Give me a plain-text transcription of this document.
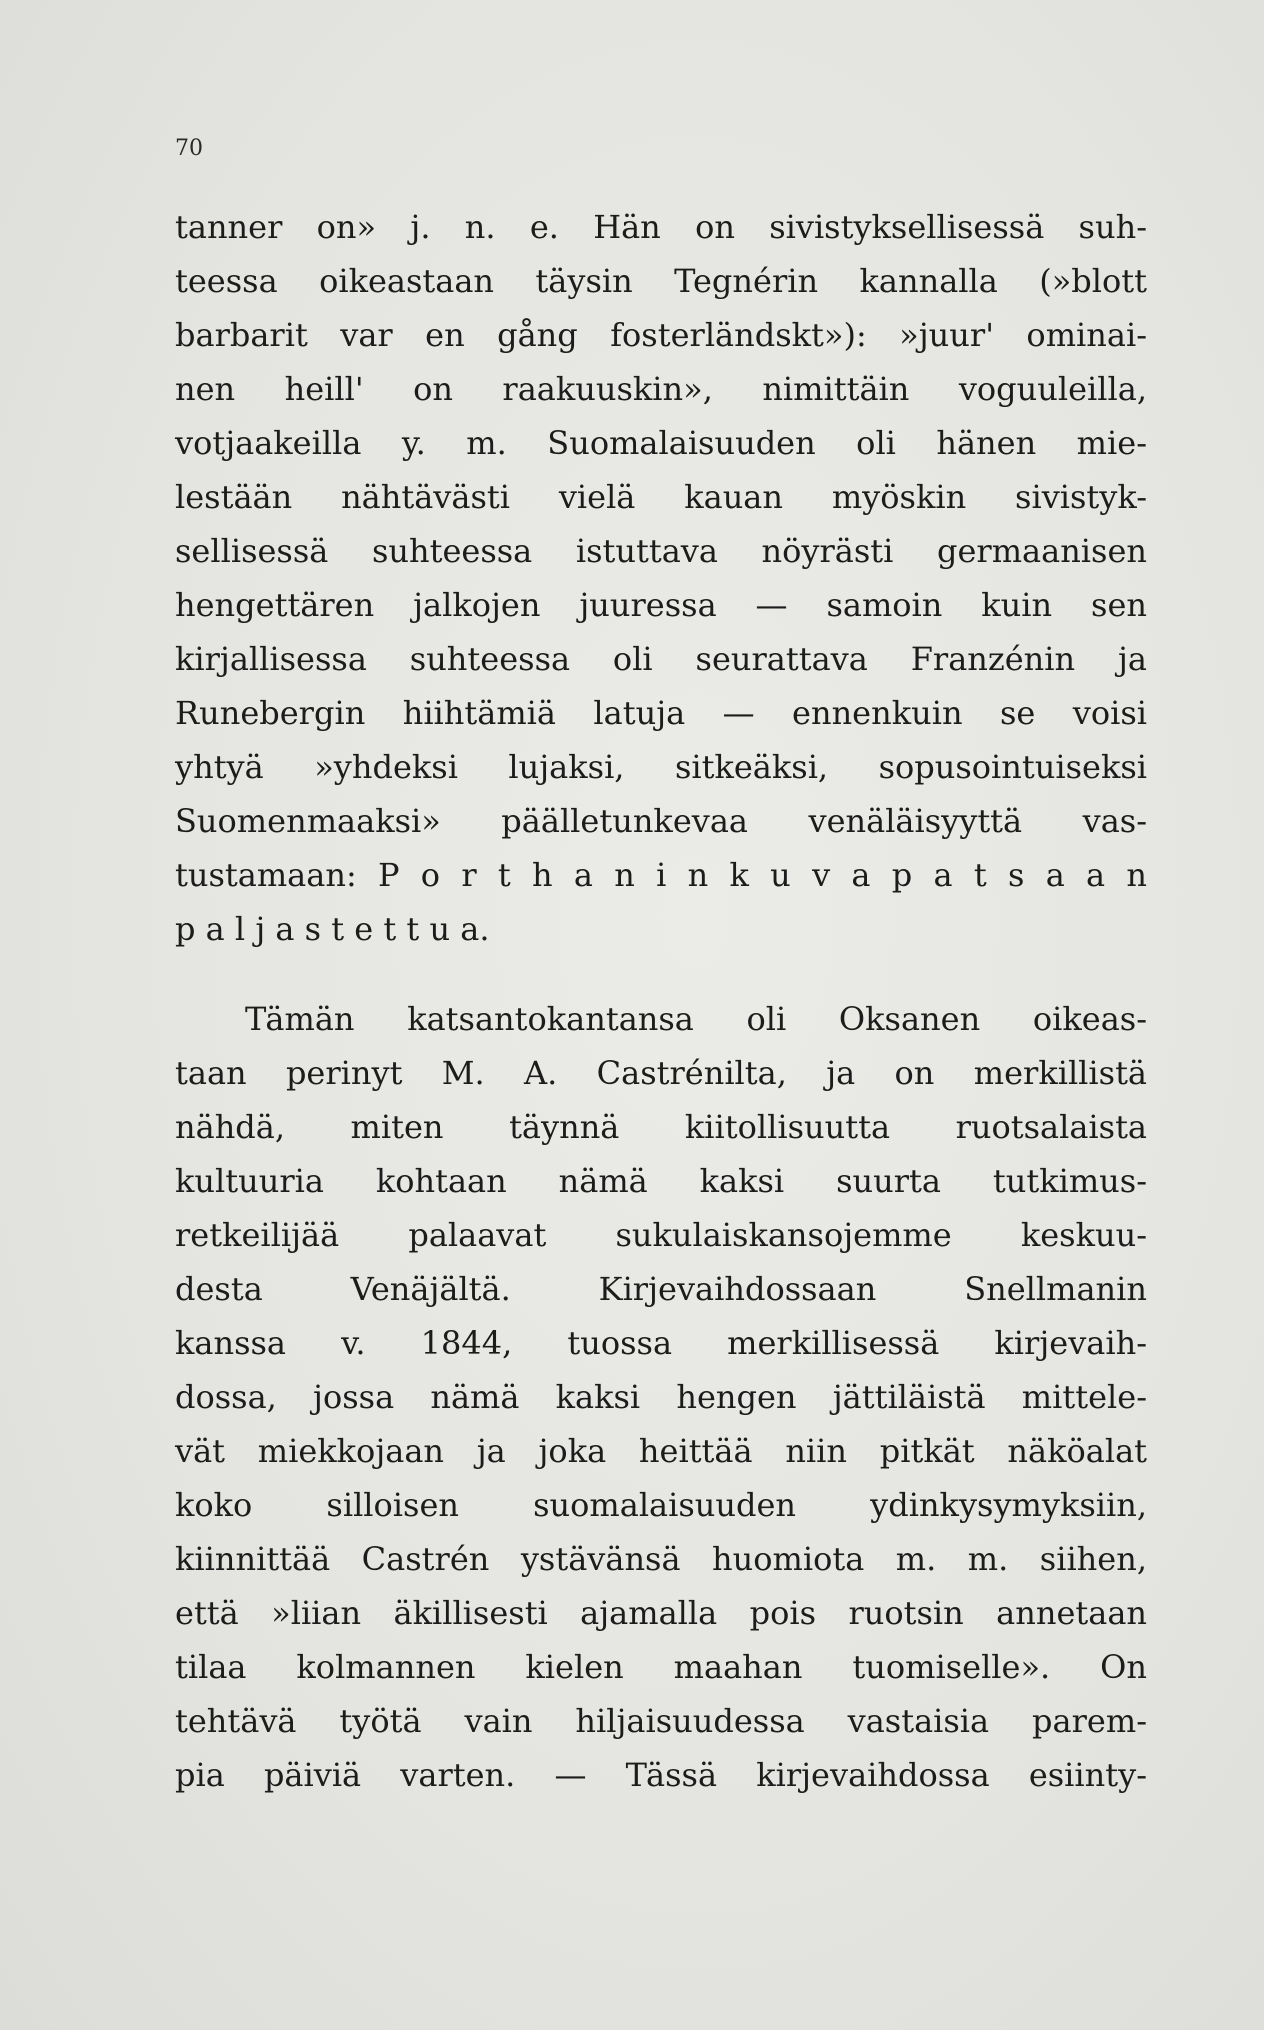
70
tanner on» j. n. e. Hän on sivistyksellisessä suh-
teessa oikeastaan täysin Tegnérin kannalla (»blott
barbarit var en gång fosterländskt»): »juur' ominai-
nen heill' on raakuuskin», nimittäin voguuleilla,
votjaakeilla y. m. Suomalaisuuden oli hänen mie-
lestään nähtävästi vielä kauan myöskin sivistyk-
sellisessä suhteessa istuttava nöyrästi germaanisen
hengettären jalkojen juuressa — samoin kuin sen
kirjallisessa suhteessa oli seurattava Franzénin ja
Runebergin hiihtämiä latuja — ennenkuin se voisi
yhtyä »yhdeksi lujaksi, sitkeäksi, sopusointuiseksi
Suomenmaaksi» päälletunkevaa venäläisyyttä vas-
tustamaan: P o r t h a n i n k u v a p a t s a a n
p a l j a s t e t t u a.
Tämän katsantokantansa oli Oksanen oikeas-
taan perinyt M. A. Castrénilta, ja on merkillistä
nähdä, miten täynnä kiitollisuutta ruotsalaista
kultuuria kohtaan nämä kaksi suurta tutkimus-
retkeilijää palaavat sukulaiskansojemme keskuu-
desta Venäjältä. Kirjevaihdossaan Snellmanin
kanssa v. 1844, tuossa merkillisessä kirjevaih-
dossa, jossa nämä kaksi hengen jättiläistä mittele-
vät miekkojaan ja joka heittää niin pitkät näköalat
koko silloisen suomalaisuuden ydinkysymyksiin,
kiinnittää Castrén ystävänsä huomiota m. m. siihen,
että »liian äkillisesti ajamalla pois ruotsin annetaan
tilaa kolmannen kielen maahan tuomiselle». On
tehtävä työtä vain hiljaisuudessa vastaisia parem-
pia päiviä varten. — Tässä kirjevaihdossa esiinty-
